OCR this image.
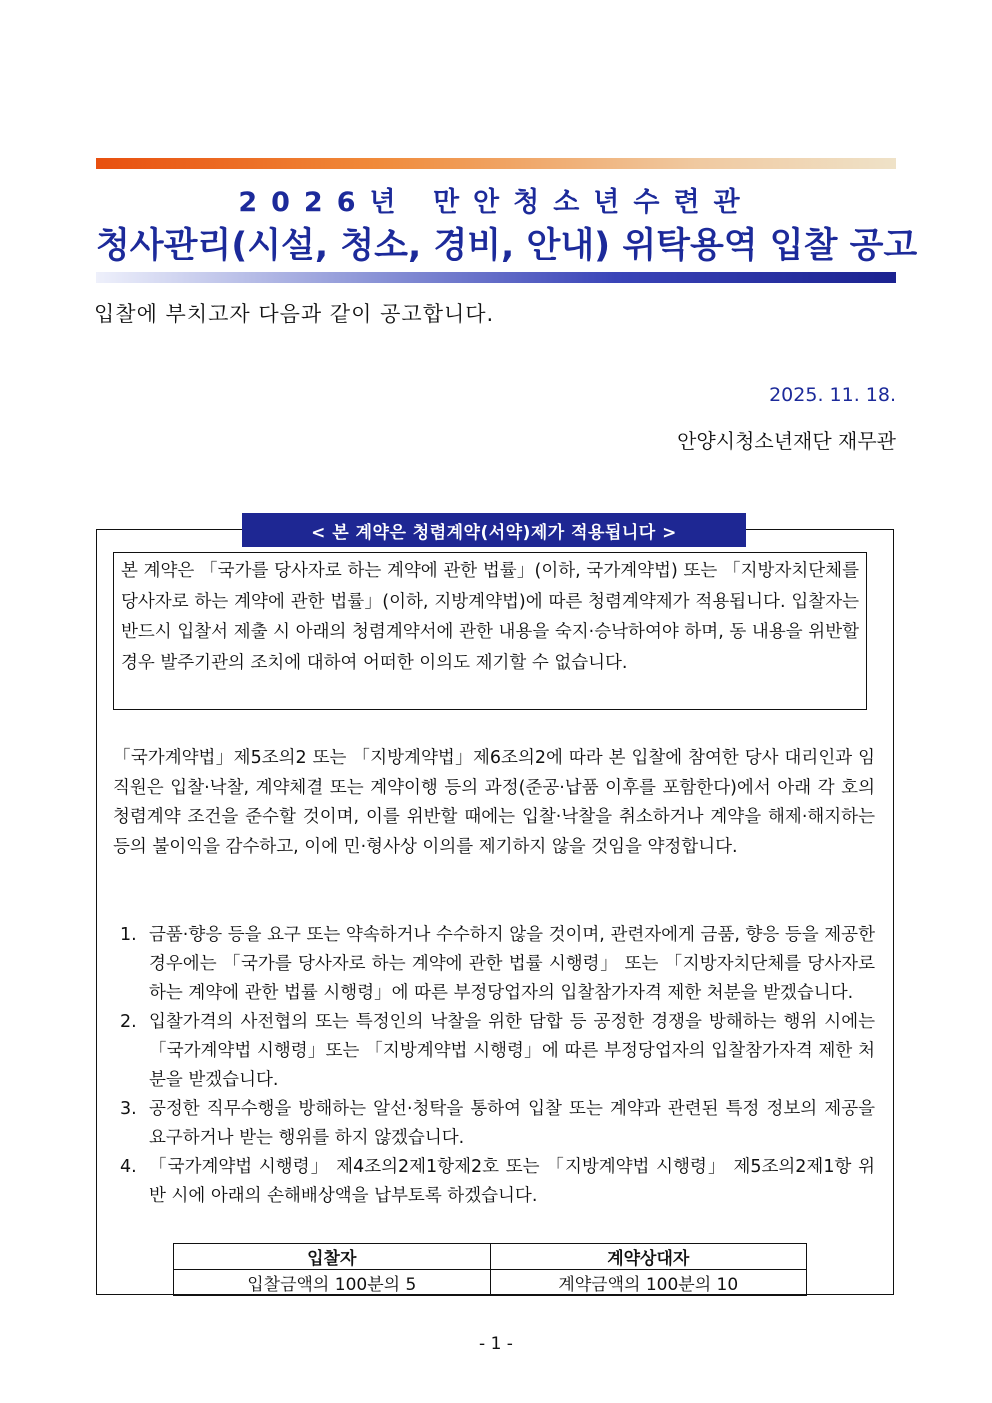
2026년 만안청소년수련관
청사관리(시설, 청소, 경비, 안내) 위탁용역 입찰 공고
입찰에 부치고자 다음과 같이 공고합니다.
2025. 11. 18.
안양시청소년재단 재무관
< 본 계약은 청렴계약(서약)제가 적용됩니다 >
본 계약은 「국가를 당사자로 하는 계약에 관한 법률」(이하, 국가계약법) 또는 「지방자치단체를 당사자로 하는 계약에 관한 법률」(이하, 지방계약법)에 따른 청렴계약제가 적용됩니다. 입찰자는 반드시 입찰서 제출 시 아래의 청렴계약서에 관한 내용을 숙지·승낙하여야 하며, 동 내용을 위반할 경우 발주기관의 조치에 대하여 어떠한 이의도 제기할 수 없습니다.
「국가계약법」제5조의2 또는 「지방계약법」제6조의2에 따라 본 입찰에 참여한 당사 대리인과 임직원은 입찰·낙찰, 계약체결 또는 계약이행 등의 과정(준공·납품 이후를 포함한다)에서 아래 각 호의 청렴계약 조건을 준수할 것이며, 이를 위반할 때에는 입찰·낙찰을 취소하거나 계약을 해제·해지하는 등의 불이익을 감수하고, 이에 민·형사상 이의를 제기하지 않을 것임을 약정합니다.
1. 금품·향응 등을 요구 또는 약속하거나 수수하지 않을 것이며, 관련자에게 금품, 향응 등을 제공한 경우에는 「국가를 당사자로 하는 계약에 관한 법률 시행령」 또는 「지방자치단체를 당사자로 하는 계약에 관한 법률 시행령」에 따른 부정당업자의 입찰참가자격 제한 처분을 받겠습니다.
2. 입찰가격의 사전협의 또는 특정인의 낙찰을 위한 담합 등 공정한 경쟁을 방해하는 행위 시에는 「국가계약법 시행령」또는 「지방계약법 시행령」에 따른 부정당업자의 입찰참가자격 제한 처분을 받겠습니다.
3. 공정한 직무수행을 방해하는 알선·청탁을 통하여 입찰 또는 계약과 관련된 특정 정보의 제공을 요구하거나 받는 행위를 하지 않겠습니다.
4. 「국가계약법 시행령」 제4조의2제1항제2호 또는 「지방계약법 시행령」 제5조의2제1항 위반 시에 아래의 손해배상액을 납부토록 하겠습니다.
입찰자	계약상대자
입찰금액의 100분의 5	계약금액의 100분의 10
- 1 -
